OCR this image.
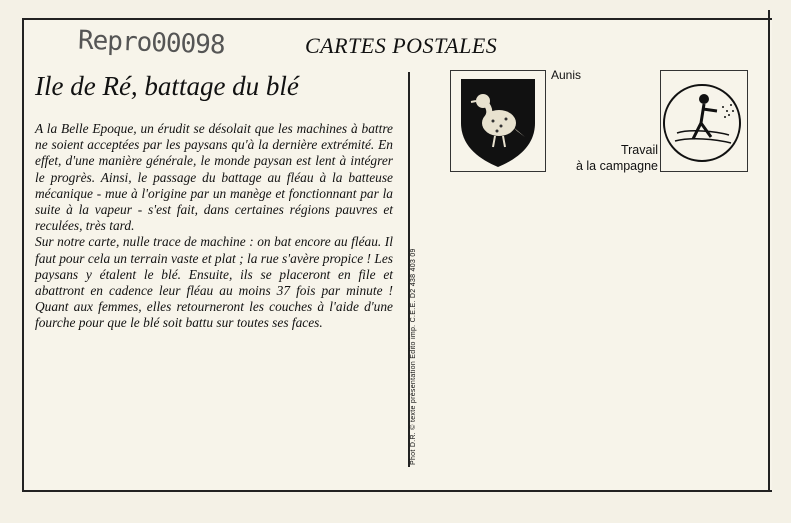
Repro00098	CARTES POSTALES
Ile de Ré, battage du blé

A la Belle Epoque, un érudit se désolait que les machines à battre ne soient acceptées par les paysans qu'à la dernière extrémité. En effet, d'une manière générale, le monde paysan est lent à intégrer le progrès. Ainsi, le passage du battage au fléau à la batteuse mécanique - mue à l'origine par un manège et fonctionnant par la suite à la vapeur - s'est fait, dans certaines régions pauvres et reculées, très tard.

Sur notre carte, nulle trace de machine : on bat encore au fléau. Il faut pour cela un terrain vaste et plat ; la rue s'avère propice ! Les paysans y étalent le blé. Ensuite, ils se placeront en file et abattront en cadence leur fléau au moins 37 fois par minute ! Quant aux femmes, elles retourneront les couches à l'aide d'une fourche pour que le blé soit battu sur toutes ses faces.	Phot D.R. © texte présentation Edito imp. C.E.E. D2 438 403 09
Aunis
Travail
à la campagne
